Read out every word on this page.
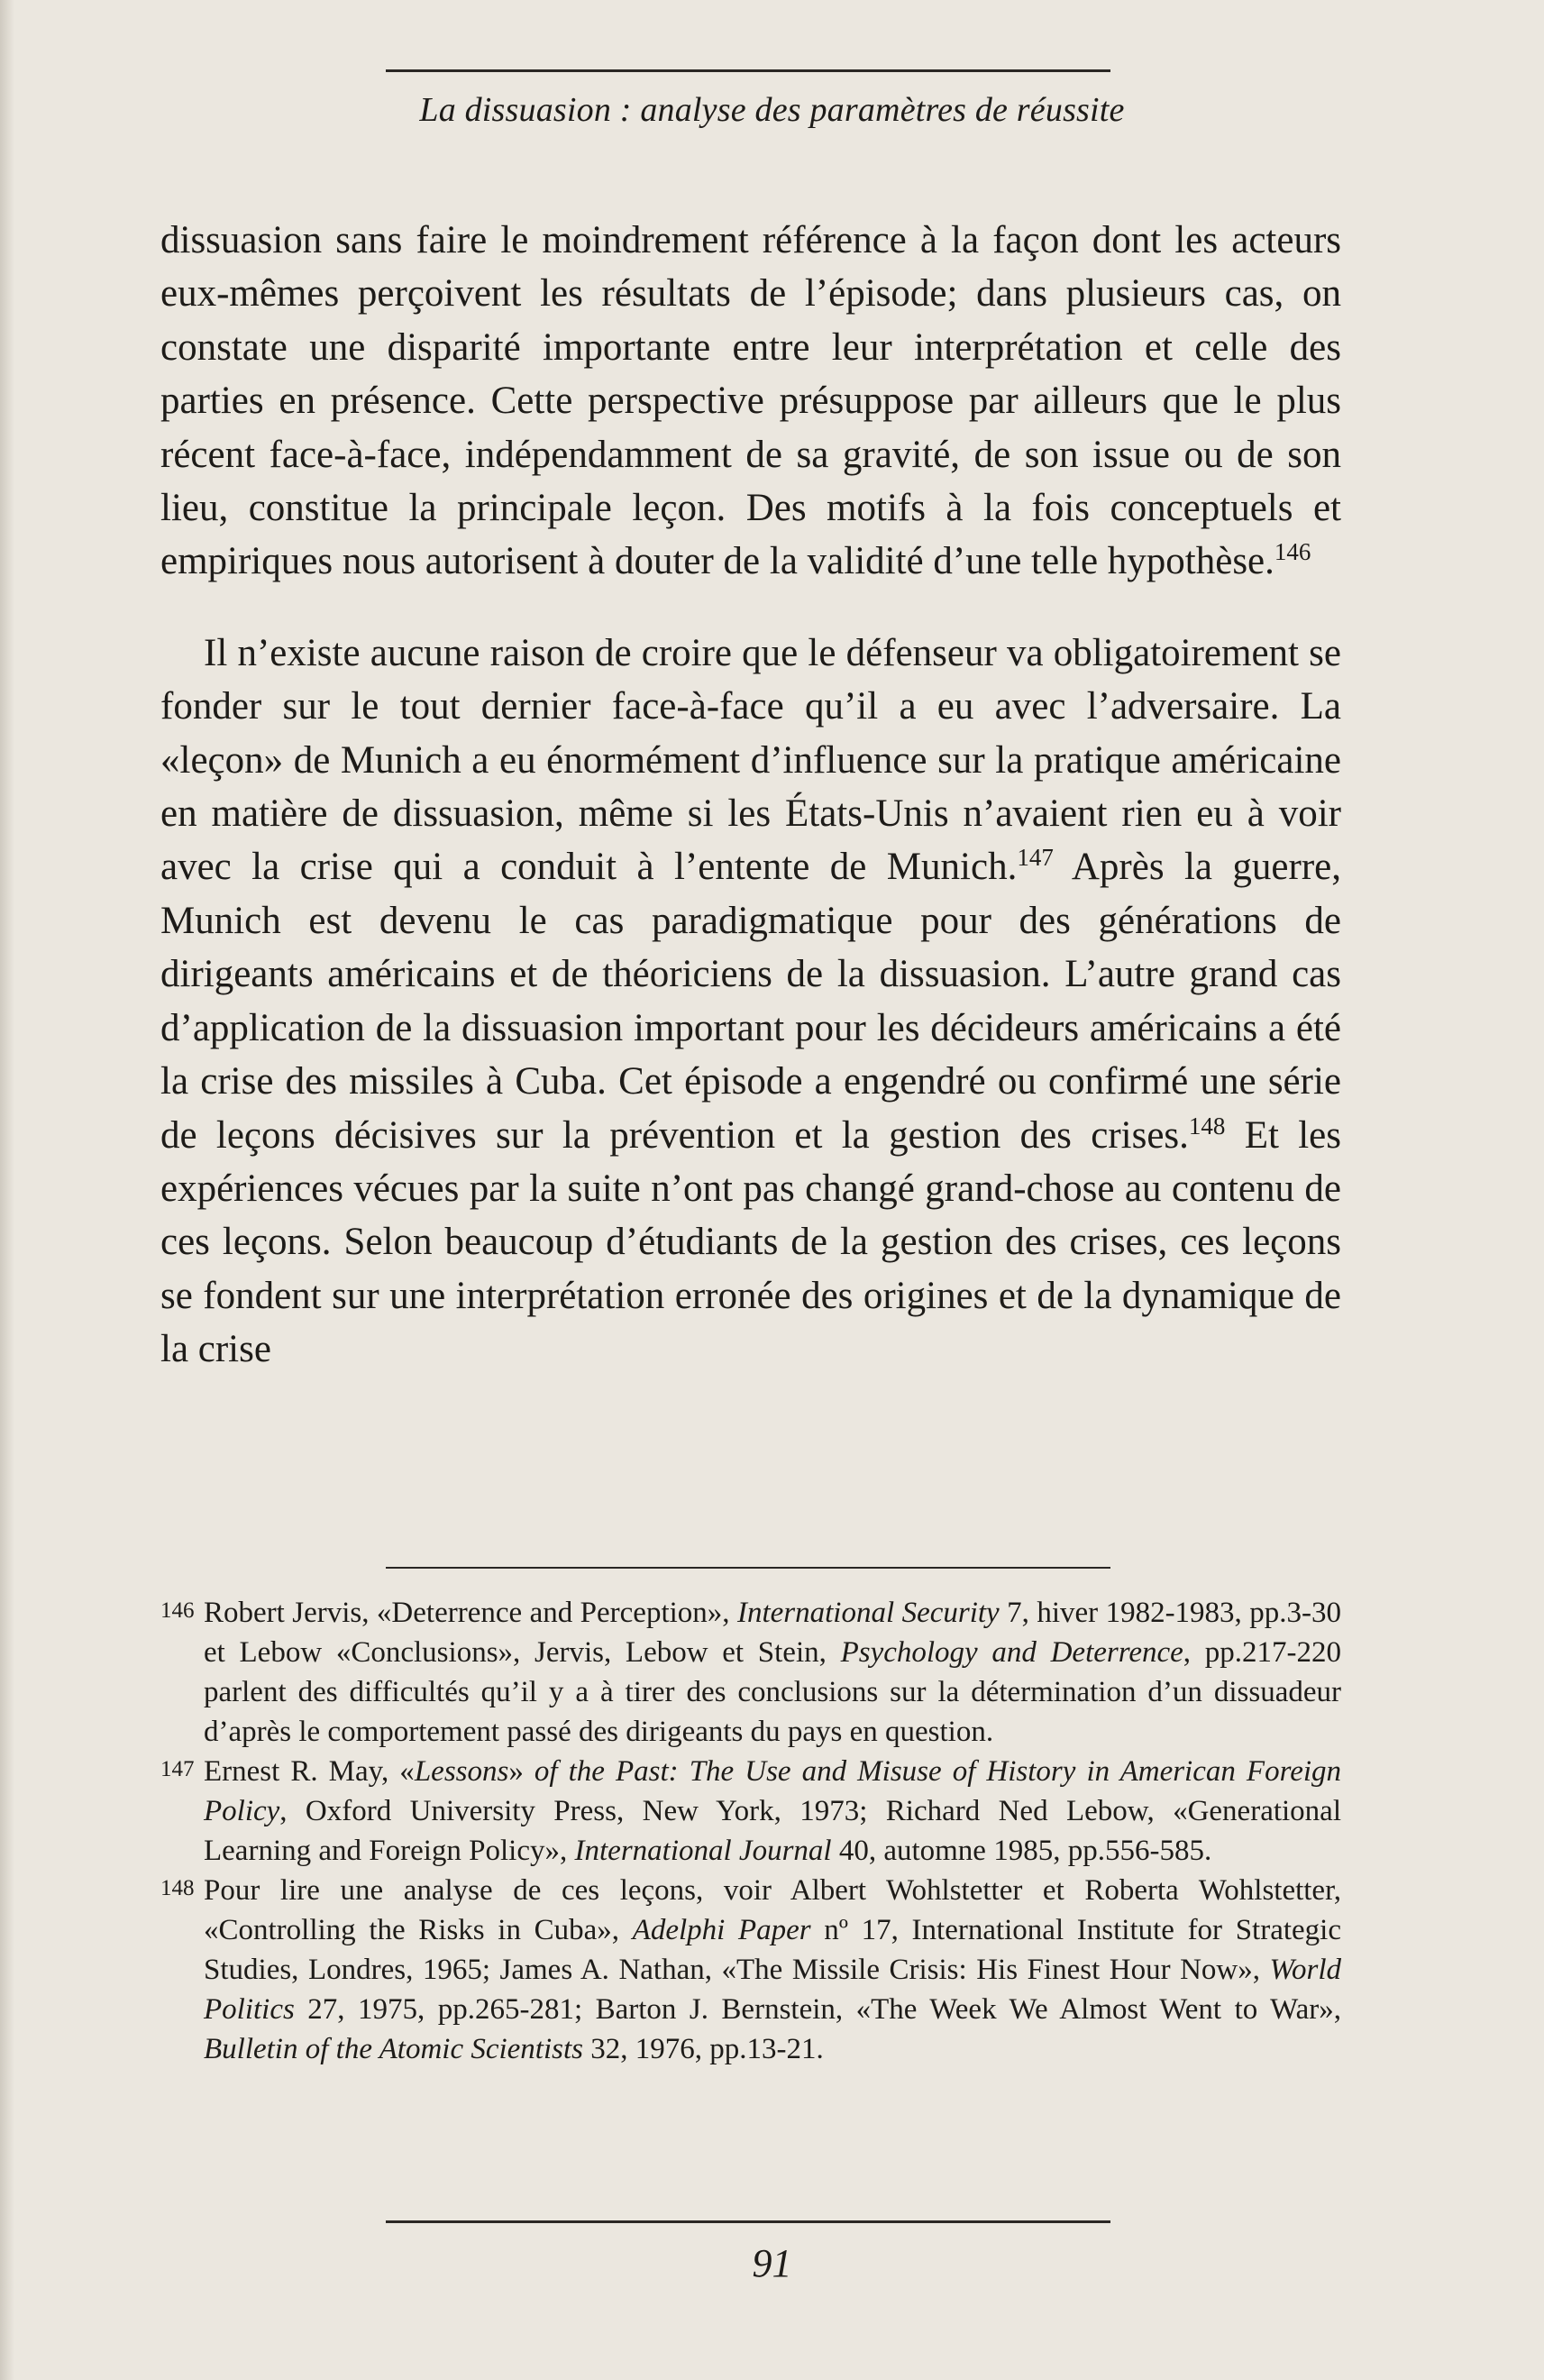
La dissuasion : analyse des paramètres de réussite

dissuasion sans faire le moindrement référence à la façon dont les acteurs eux-mêmes perçoivent les résultats de l’épisode; dans plusieurs cas, on constate une disparité importante entre leur interprétation et celle des parties en présence. Cette perspective présuppose par ailleurs que le plus récent face-à-face, indépendamment de sa gravité, de son issue ou de son lieu, constitue la principale leçon. Des motifs à la fois conceptuels et empiriques nous autorisent à douter de la validité d’une telle hypothèse.$^{146}$

Il n’existe aucune raison de croire que le défenseur va obligatoirement se fonder sur le tout dernier face-à-face qu’il a eu avec l’adversaire. La «leçon» de Munich a eu énormément d’influence sur la pratique américaine en matière de dissuasion, même si les États-Unis n’avaient rien eu à voir avec la crise qui a conduit à l’entente de Munich.$^{147}$ Après la guerre, Munich est devenu le cas paradigmatique pour des générations de dirigeants américains et de théoriciens de la dissuasion. L’autre grand cas d’application de la dissuasion important pour les décideurs américains a été la crise des missiles à Cuba. Cet épisode a engendré ou confirmé une série de leçons décisives sur la prévention et la gestion des crises.$^{148}$ Et les expériences vécues par la suite n’ont pas changé grand-chose au contenu de ces leçons. Selon beaucoup d’étudiants de la gestion des crises, ces leçons se fondent sur une interprétation erronée des origines et de la dynamique de la crise

146 Robert Jervis, «Deterrence and Perception», International Security 7, hiver 1982-1983, pp.3-30 et Lebow «Conclusions», Jervis, Lebow et Stein, Psychology and Deterrence, pp.217-220 parlent des difficultés qu’il y a à tirer des conclusions sur la détermination d’un dissuadeur d’après le comportement passé des dirigeants du pays en question.
147 Ernest R. May, «Lessons» of the Past: The Use and Misuse of History in American Foreign Policy, Oxford University Press, New York, 1973; Richard Ned Lebow, «Generational Learning and Foreign Policy», International Journal 40, automne 1985, pp.556-585.
148 Pour lire une analyse de ces leçons, voir Albert Wohlstetter et Roberta Wohlstetter, «Controlling the Risks in Cuba», Adelphi Paper nº 17, International Institute for Strategic Studies, Londres, 1965; James A. Nathan, «The Missile Crisis: His Finest Hour Now», World Politics 27, 1975, pp.265-281; Barton J. Bernstein, «The Week We Almost Went to War», Bulletin of the Atomic Scientists 32, 1976, pp.13-21.
91
